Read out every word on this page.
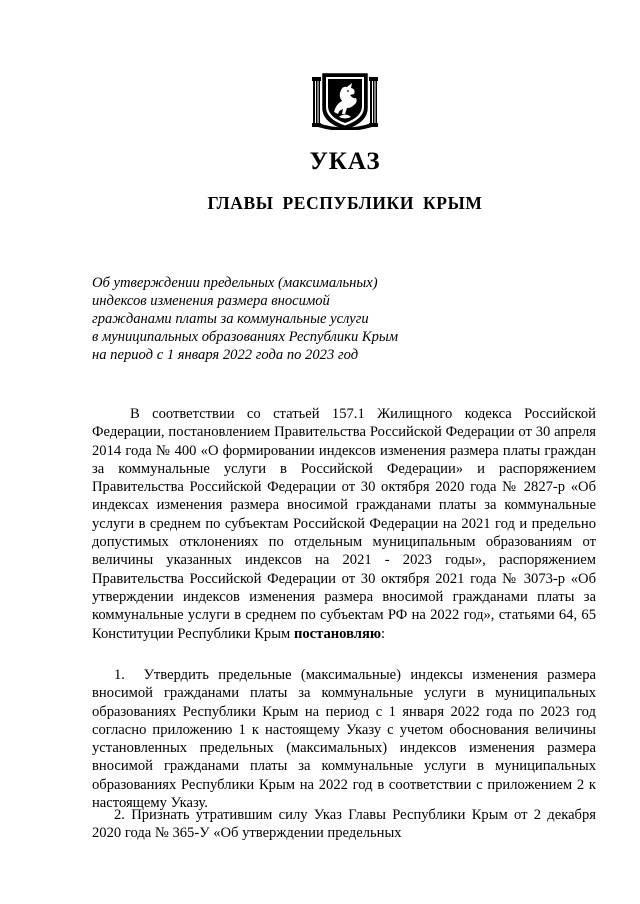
УКАЗ
ГЛАВЫ РЕСПУБЛИКИ КРЫМ
Об утверждении предельных (максимальных)
индексов изменения размера вносимой
гражданами платы за коммунальные услуги
в муниципальных образованиях Республики Крым
на период с 1 января 2022 года по 2023 год
В соответствии со статьей 157.1 Жилищного кодекса Российской Федерации, постановлением Правительства Российской Федерации от 30 апреля 2014 года № 400 «О формировании индексов изменения размера платы граждан за коммунальные услуги в Российской Федерации» и распоряжением Правительства Российской Федерации от 30 октября 2020 года № 2827-р «Об индексах изменения размера вносимой гражданами платы за коммунальные услуги в среднем по субъектам Российской Федерации на 2021 год и предельно допустимых отклонениях по отдельным муниципальным образованиям от величины указанных индексов на 2021 - 2023 годы», распоряжением Правительства Российской Федерации от 30 октября 2021 года № 3073-р «Об утверждении индексов изменения размера вносимой гражданами платы за коммунальные услуги в среднем по субъектам РФ на 2022 год», статьями 64, 65 Конституции Республики Крым постановляю:
1. Утвердить предельные (максимальные) индексы изменения размера вносимой гражданами платы за коммунальные услуги в муниципальных образованиях Республики Крым на период с 1 января 2022 года по 2023 год согласно приложению 1 к настоящему Указу с учетом обоснования величины установленных предельных (максимальных) индексов изменения размера вносимой гражданами платы за коммунальные услуги в муниципальных образованиях Республики Крым на 2022 год в соответствии с приложением 2 к настоящему Указу.
2. Признать утратившим силу Указ Главы Республики Крым от 2 декабря 2020 года № 365-У «Об утверждении предельных
